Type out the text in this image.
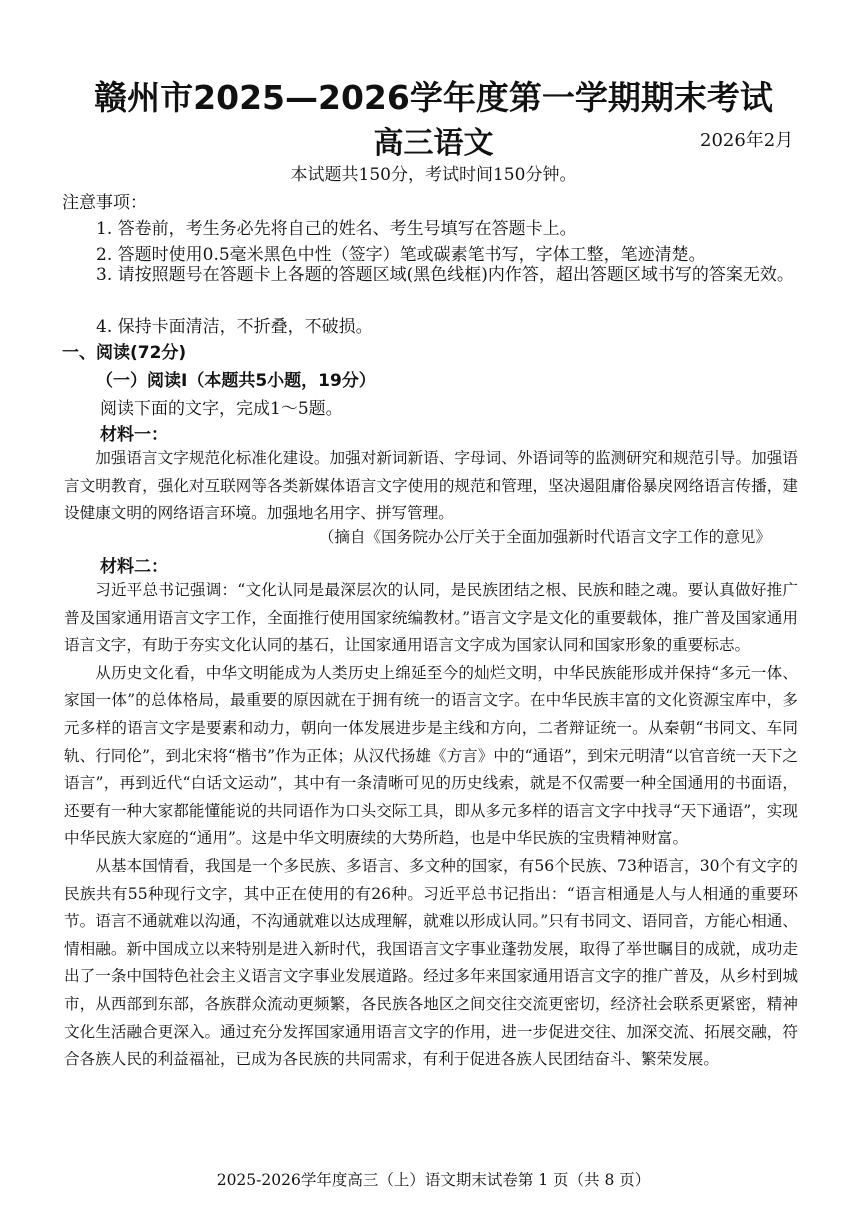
赣州市2025—2026学年度第一学期期末考试
高三语文	2026年2月
本试题共150分，考试时间150分钟。
注意事项：
1. 答卷前，考生务必先将自己的姓名、考生号填写在答题卡上。
2. 答题时使用0.5毫米黑色中性（签字）笔或碳素笔书写，字体工整，笔迹清楚。

3. 请按照题号在答题卡上各题的答题区域(黑色线框)内作答，超出答题区域书写的答案无效。

4. 保持卡面清洁，不折叠，不破损。
一、阅读(72分)
（一）阅读Ⅰ（本题共5小题，19分）
阅读下面的文字，完成1～5题。
材料一：

加强语言文字规范化标准化建设。加强对新词新语、字母词、外语词等的监测研究和规范引导。加强语言文明教育，强化对互联网等各类新媒体语言文字使用的规范和管理，坚决遏阻庸俗暴戾网络语言传播，建设健康文明的网络语言环境。加强地名用字、拼写管理。

（摘自《国务院办公厅关于全面加强新时代语言文字工作的意见》
材料二：

习近平总书记强调：“文化认同是最深层次的认同，是民族团结之根、民族和睦之魂。要认真做好推广普及国家通用语言文字工作，全面推行使用国家统编教材。”语言文字是文化的重要载体，推广普及国家通用语言文字，有助于夯实文化认同的基石，让国家通用语言文字成为国家认同和国家形象的重要标志。

从历史文化看，中华文明能成为人类历史上绵延至今的灿烂文明，中华民族能形成并保持“多元一体、家国一体”的总体格局，最重要的原因就在于拥有统一的语言文字。在中华民族丰富的文化资源宝库中，多元多样的语言文字是要素和动力，朝向一体发展进步是主线和方向，二者辩证统一。从秦朝“书同文、车同轨、行同伦”，到北宋将“楷书”作为正体；从汉代扬雄《方言》中的“通语”，到宋元明清“以官音统一天下之语言”，再到近代“白话文运动”，其中有一条清晰可见的历史线索，就是不仅需要一种全国通用的书面语，还要有一种大家都能懂能说的共同语作为口头交际工具，即从多元多样的语言文字中找寻“天下通语”，实现中华民族大家庭的“通用”。这是中华文明赓续的大势所趋，也是中华民族的宝贵精神财富。

从基本国情看，我国是一个多民族、多语言、多文种的国家，有56个民族、73种语言，30个有文字的民族共有55种现行文字，其中正在使用的有26种。习近平总书记指出：“语言相通是人与人相通的重要环节。语言不通就难以沟通，不沟通就难以达成理解，就难以形成认同。”只有书同文、语同音，方能心相通、情相融。新中国成立以来特别是进入新时代，我国语言文字事业蓬勃发展，取得了举世瞩目的成就，成功走出了一条中国特色社会主义语言文字事业发展道路。经过多年来国家通用语言文字的推广普及，从乡村到城市，从西部到东部，各族群众流动更频繁，各民族各地区之间交往交流更密切，经济社会联系更紧密，精神文化生活融合更深入。通过充分发挥国家通用语言文字的作用，进一步促进交往、加深交流、拓展交融，符合各族人民的利益福祉，已成为各民族的共同需求，有利于促进各族人民团结奋斗、繁荣发展。

2025-2026学年度高三（上）语文期末试卷第 1 页（共 8 页）
